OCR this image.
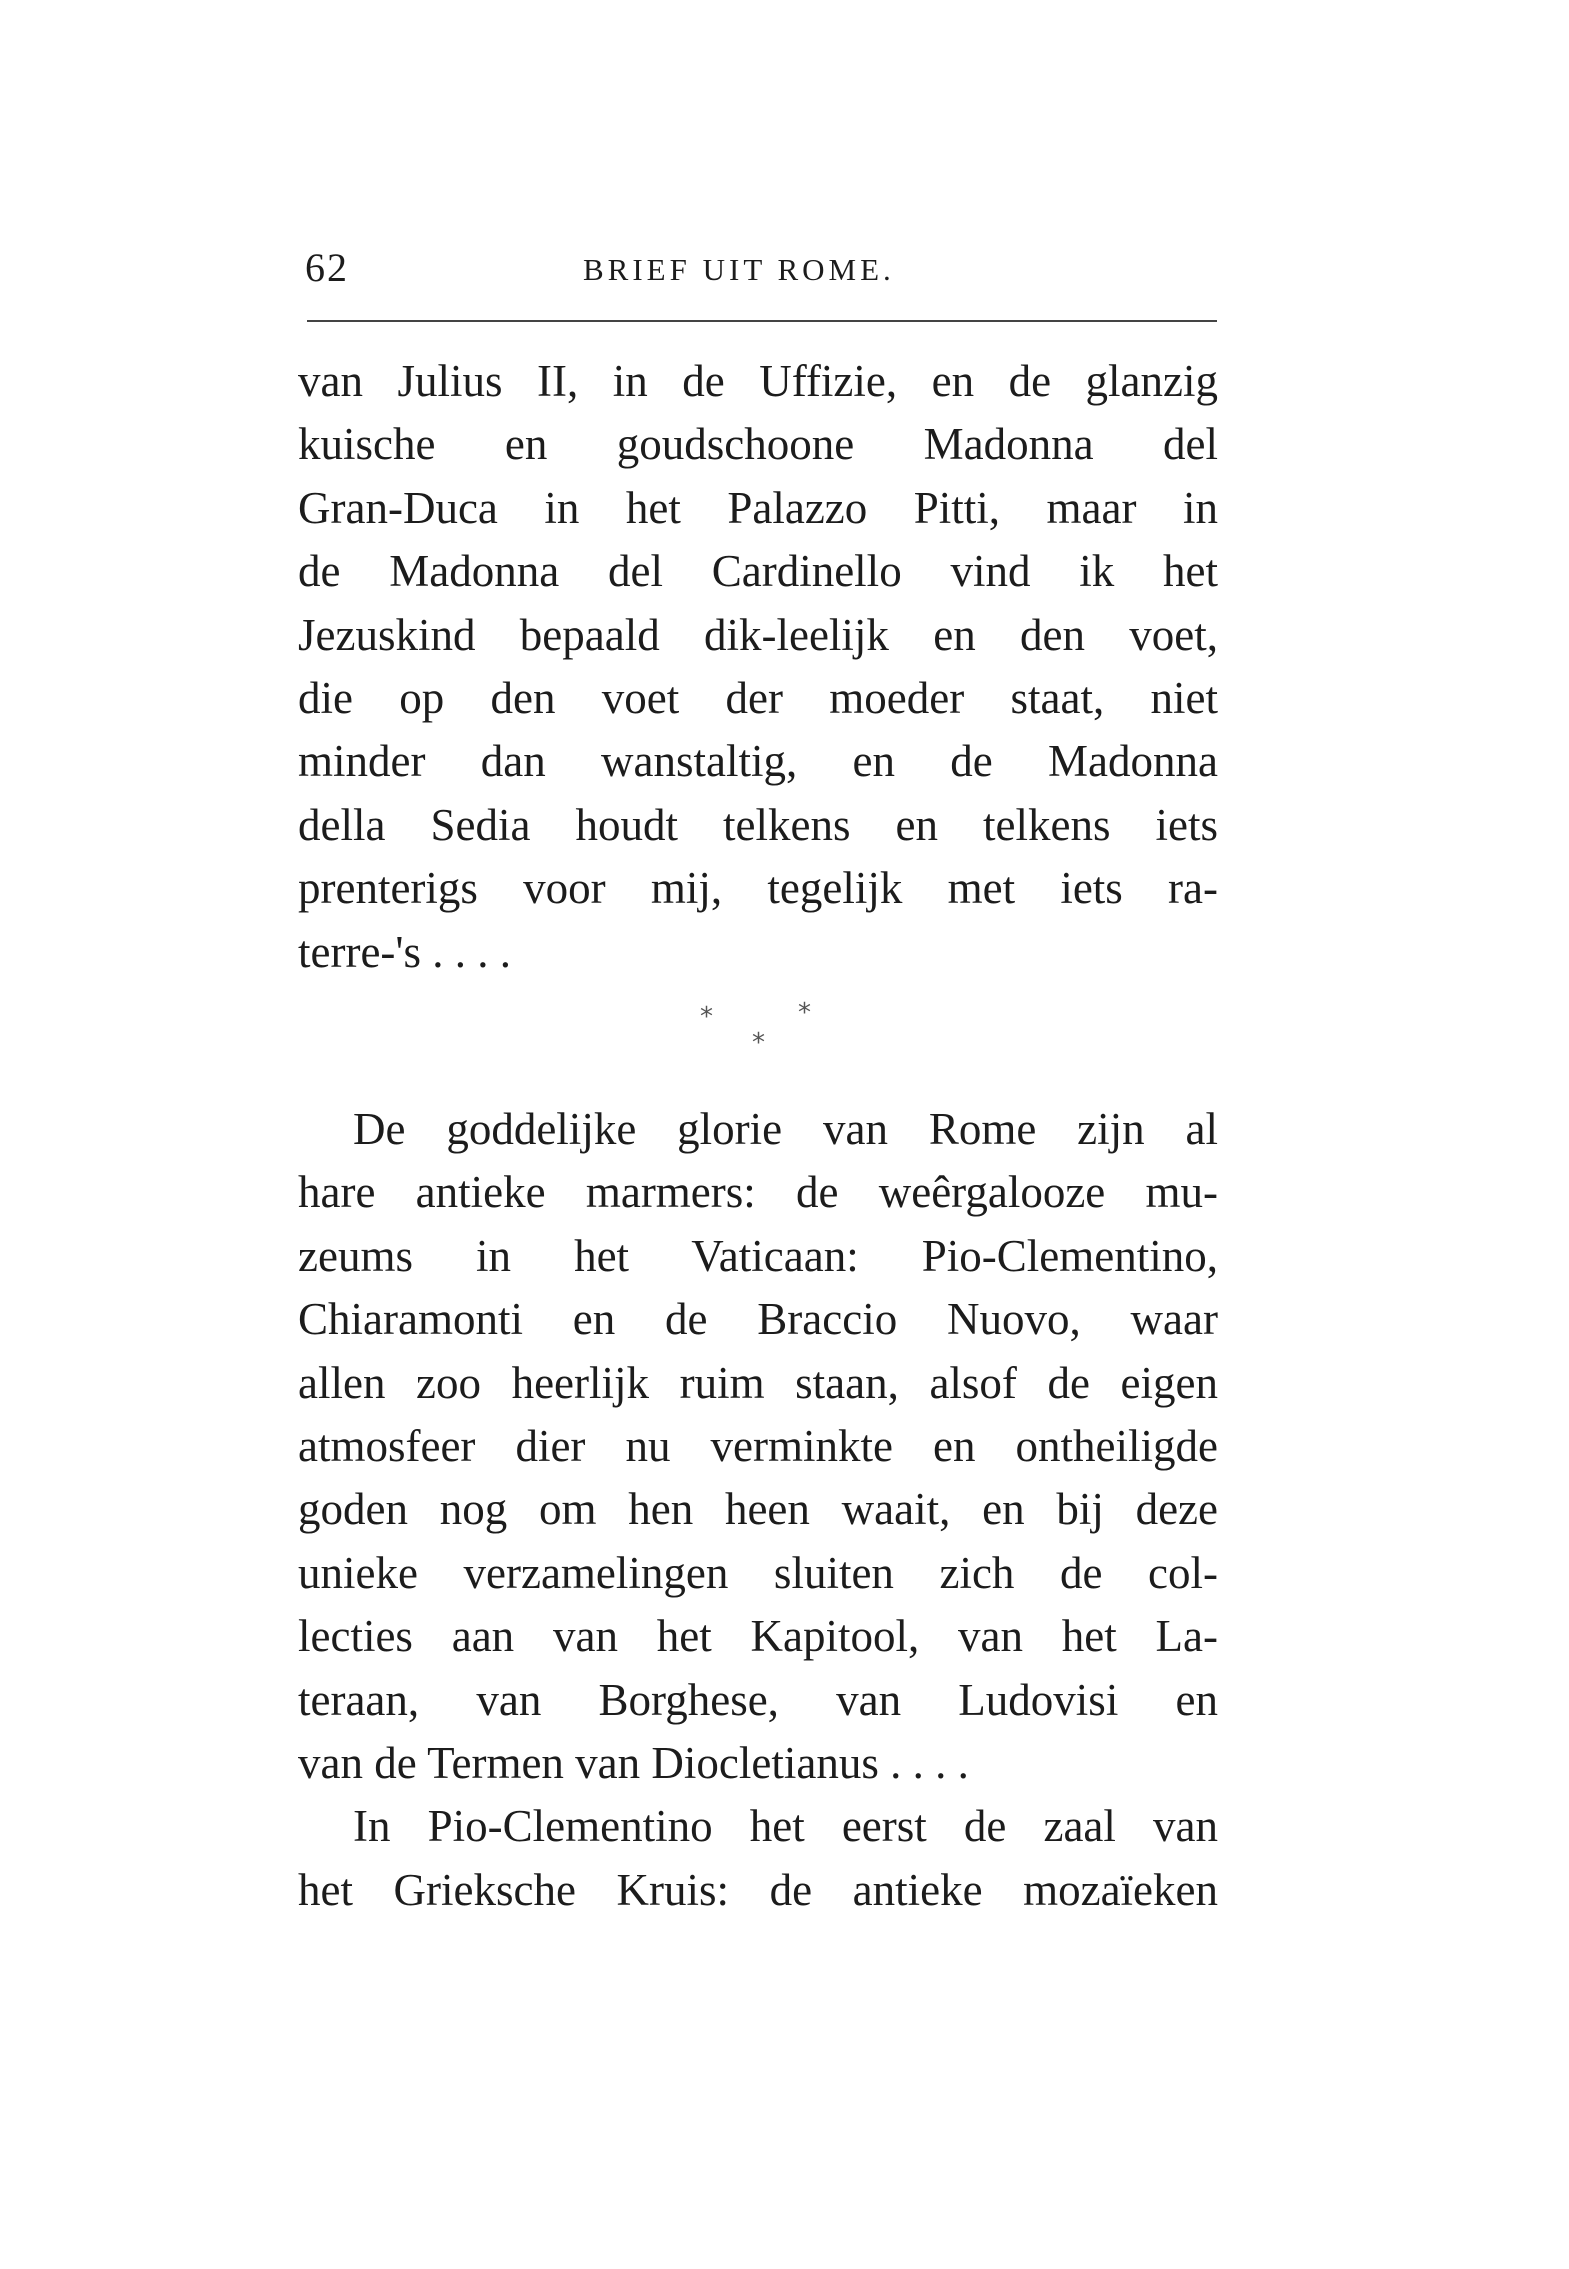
62	BRIEF UIT ROME.
van Julius II, in de Uffizie, en de glanzig
kuische en goudschoone Madonna del
Gran-Duca in het Palazzo Pitti, maar in
de Madonna del Cardinello vind ik het
Jezuskind bepaald dik-leelijk en den voet,
die op den voet der moeder staat, niet
minder dan wanstaltig, en de Madonna
della Sedia houdt telkens en telkens iets
prenterigs voor mij, tegelijk met iets ra-
terre-'s . . . .
*
*
*
De goddelijke glorie van Rome zijn al
hare antieke marmers: de weêrgalooze mu-
zeums in het Vaticaan: Pio-Clementino,
Chiaramonti en de Braccio Nuovo, waar
allen zoo heerlijk ruim staan, alsof de eigen
atmosfeer dier nu verminkte en ontheiligde
goden nog om hen heen waait, en bij deze
unieke verzamelingen sluiten zich de col-
lecties aan van het Kapitool, van het La-
teraan, van Borghese, van Ludovisi en
van de Termen van Diocletianus . . . .
In Pio-Clementino het eerst de zaal van
het Grieksche Kruis: de antieke mozaïeken
